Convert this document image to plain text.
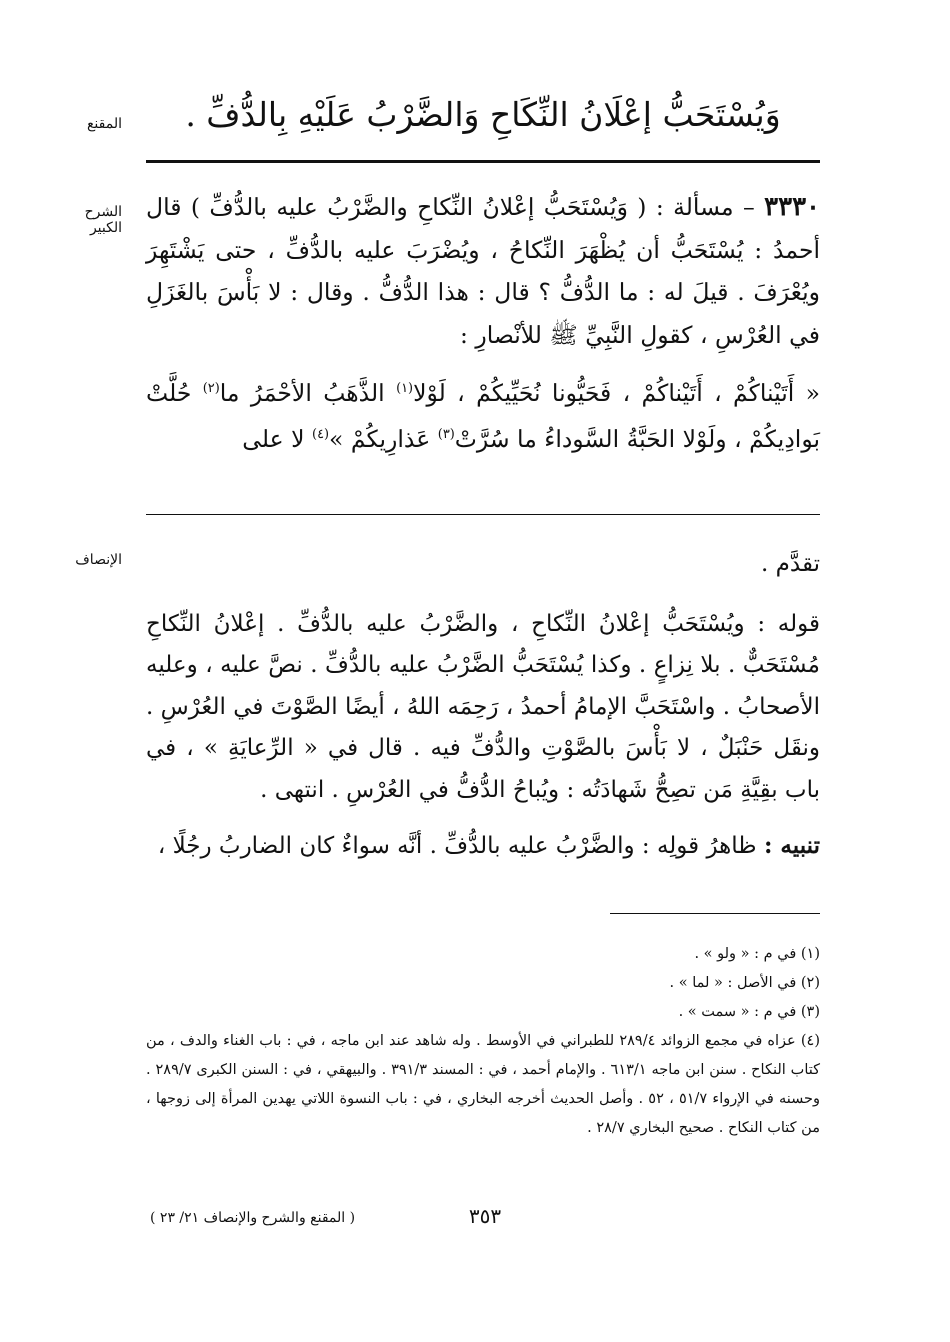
المقنع
الشرح الكبير
الإنصاف
وَيُسْتَحَبُّ إعْلَانُ النِّكَاحِ وَالضَّرْبُ عَلَيْهِ بِالدُّفِّ .

٣٣٣٠ – مسألة : ( وَيُسْتَحَبُّ إعْلانُ النِّكاحِ والضَّرْبُ عليه بالدُّفِّ ) قال أحمدُ : يُسْتَحَبُّ أن يُظْهَرَ النِّكاحُ ، ويُضْرَبَ عليه بالدُّفِّ ، حتى يَشْتَهِرَ ويُعْرَفَ . قيلَ له : ما الدُّفُّ ؟ قال : هذا الدُّفُّ . وقال : لا بَأْسَ بالغَزَلِ في العُرْسِ ، كقولِ النَّبِيِّ ﷺ للأنْصارِ :

« أَتَيْناكُمْ ، أَتَيْناكُمْ ، فَحَيُّونا نُحَيِّيكُمْ ، لَوْلا$^{(١)}$ الذَّهَبُ الأحْمَرُ ما$^{(٢)}$ حُلَّتْ بَوادِيكُمْ ، ولَوْلا الحَبَّةُ السَّوداءُ ما سُرَّتْ$^{(٣)}$ عَذارِيكُمْ »$^{(٤)}$ لا على

تقدَّم .

قوله : ويُسْتَحَبُّ إعْلانُ النِّكاحِ ، والضَّرْبُ عليه بالدُّفِّ . إعْلانُ النِّكاحِ مُسْتَحَبٌّ . بلا نِزاعٍ . وكذا يُسْتَحَبُّ الضَّرْبُ عليه بالدُّفِّ . نصَّ عليه ، وعليه الأصحابُ . واسْتَحَبَّ الإمامُ أحمدُ ، رَحِمَه اللهُ ، أيضًا الصَّوْتَ في العُرْسِ . ونقَل حَنْبَلٌ ، لا بَأْسَ بالصَّوْتِ والدُّفِّ فيه . قال في « الرِّعايَةِ » ، في باب بقِيَّةِ مَن تصِحُّ شَهادَتُه : ويُباحُ الدُّفُّ في العُرْسِ . انتهى .

تنبيه : ظاهرُ قولِه : والضَّرْبُ عليه بالدُّفِّ . أنَّه سواءٌ كان الضاربُ رجُلًا ،

(١) في م : « ولو » .
(٢) في الأصل : « لما » .
(٣) في م : « سمت » .
(٤) عزاه في مجمع الزوائد ٢٨٩/٤ للطبراني في الأوسط . وله شاهد عند ابن ماجه ، في : باب الغناء والدف ، من كتاب النكاح . سنن ابن ماجه ٦١٣/١ . والإمام أحمد ، في : المسند ٣٩١/٣ . والبيهقي ، في : السنن الكبرى ٢٨٩/٧ . وحسنه في الإرواء ٥١/٧ ، ٥٢ . وأصل الحديث أخرجه البخاري ، في : باب النسوة اللاتي يهدين المرأة إلى زوجها ، من كتاب النكاح . صحيح البخاري ٢٨/٧ .
( المقنع والشرح والإنصاف ٢١/ ٢٣ )	٣٥٣
